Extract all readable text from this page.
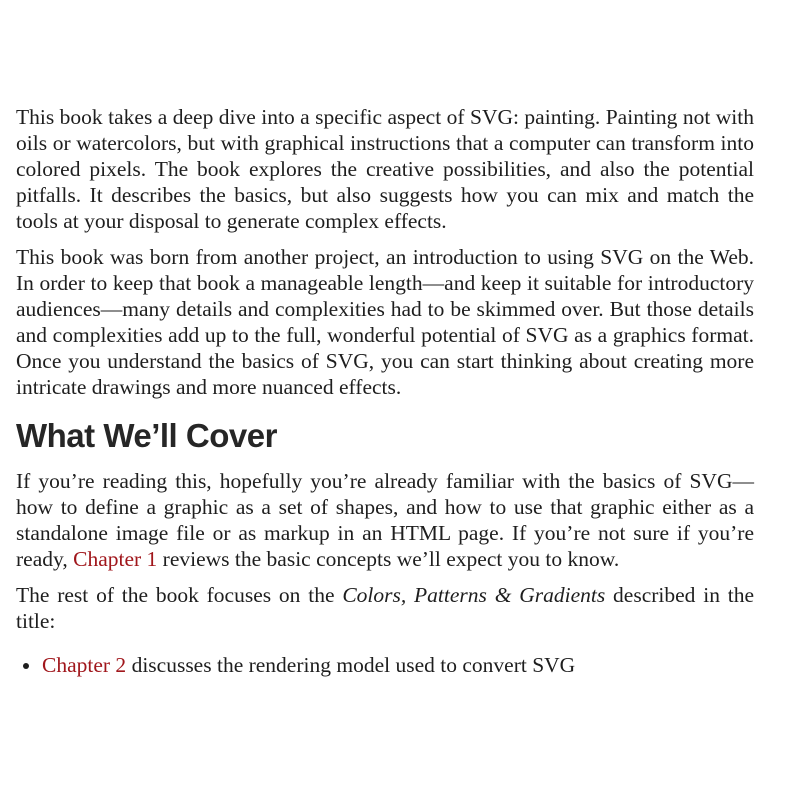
This book takes a deep dive into a specific aspect of SVG: painting. Painting not with oils or watercolors, but with graphical instructions that a computer can transform into colored pixels. The book explores the creative possibilities, and also the potential pitfalls. It describes the basics, but also suggests how you can mix and match the tools at your disposal to generate complex effects.

This book was born from another project, an introduction to using SVG on the Web. In order to keep that book a manageable length—and keep it suitable for introductory audiences—many details and complexities had to be skimmed over. But those details and complexities add up to the full, wonderful potential of SVG as a graphics format. Once you understand the basics of SVG, you can start thinking about creating more intricate drawings and more nuanced effects.

What We’ll Cover

If you’re reading this, hopefully you’re already familiar with the basics of SVG—how to define a graphic as a set of shapes, and how to use that graphic either as a standalone image file or as markup in an HTML page. If you’re not sure if you’re ready, Chapter 1 reviews the basic concepts we’ll expect you to know.

The rest of the book focuses on the Colors, Patterns & Gradients described in the title:

• Chapter 2 discusses the rendering model used to convert SVG
